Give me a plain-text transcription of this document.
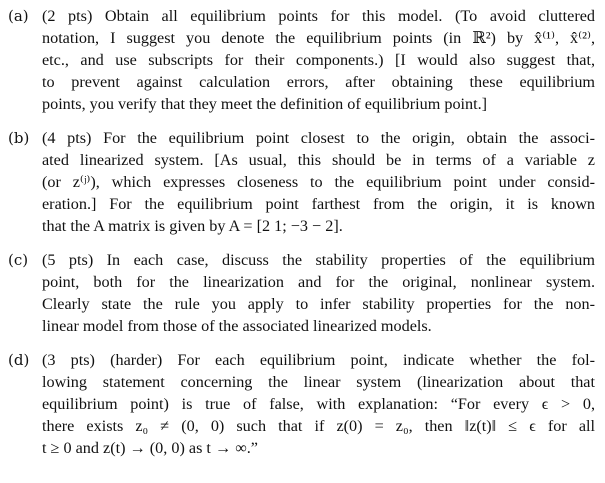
(a) (2 pts) Obtain all equilibrium points for this model. (To avoid cluttered
notation, I suggest you denote the equilibrium points (in ℝ²) by x̂⁽¹⁾, x̂⁽²⁾,
etc., and use subscripts for their components.) [I would also suggest that,
to prevent against calculation errors, after obtaining these equilibrium
points, you verify that they meet the definition of equilibrium point.]
(b) (4 pts) For the equilibrium point closest to the origin, obtain the associ-
ated linearized system. [As usual, this should be in terms of a variable z
(or z⁽ʲ⁾), which expresses closeness to the equilibrium point under consid-
eration.] For the equilibrium point farthest from the origin, it is known
that the A matrix is given by A = [2 1; −3 − 2].
(c) (5 pts) In each case, discuss the stability properties of the equilibrium
point, both for the linearization and for the original, nonlinear system.
Clearly state the rule you apply to infer stability properties for the non-
linear model from those of the associated linearized models.
(d) (3 pts) (harder) For each equilibrium point, indicate whether the fol-
lowing statement concerning the linear system (linearization about that
equilibrium point) is true of false, with explanation: “For every ϵ > 0,
there exists z₀ ≠ (0, 0) such that if z(0) = z₀, then ‖z(t)‖ ≤ ϵ for all
t ≥ 0 and z(t) → (0, 0) as t → ∞.”
